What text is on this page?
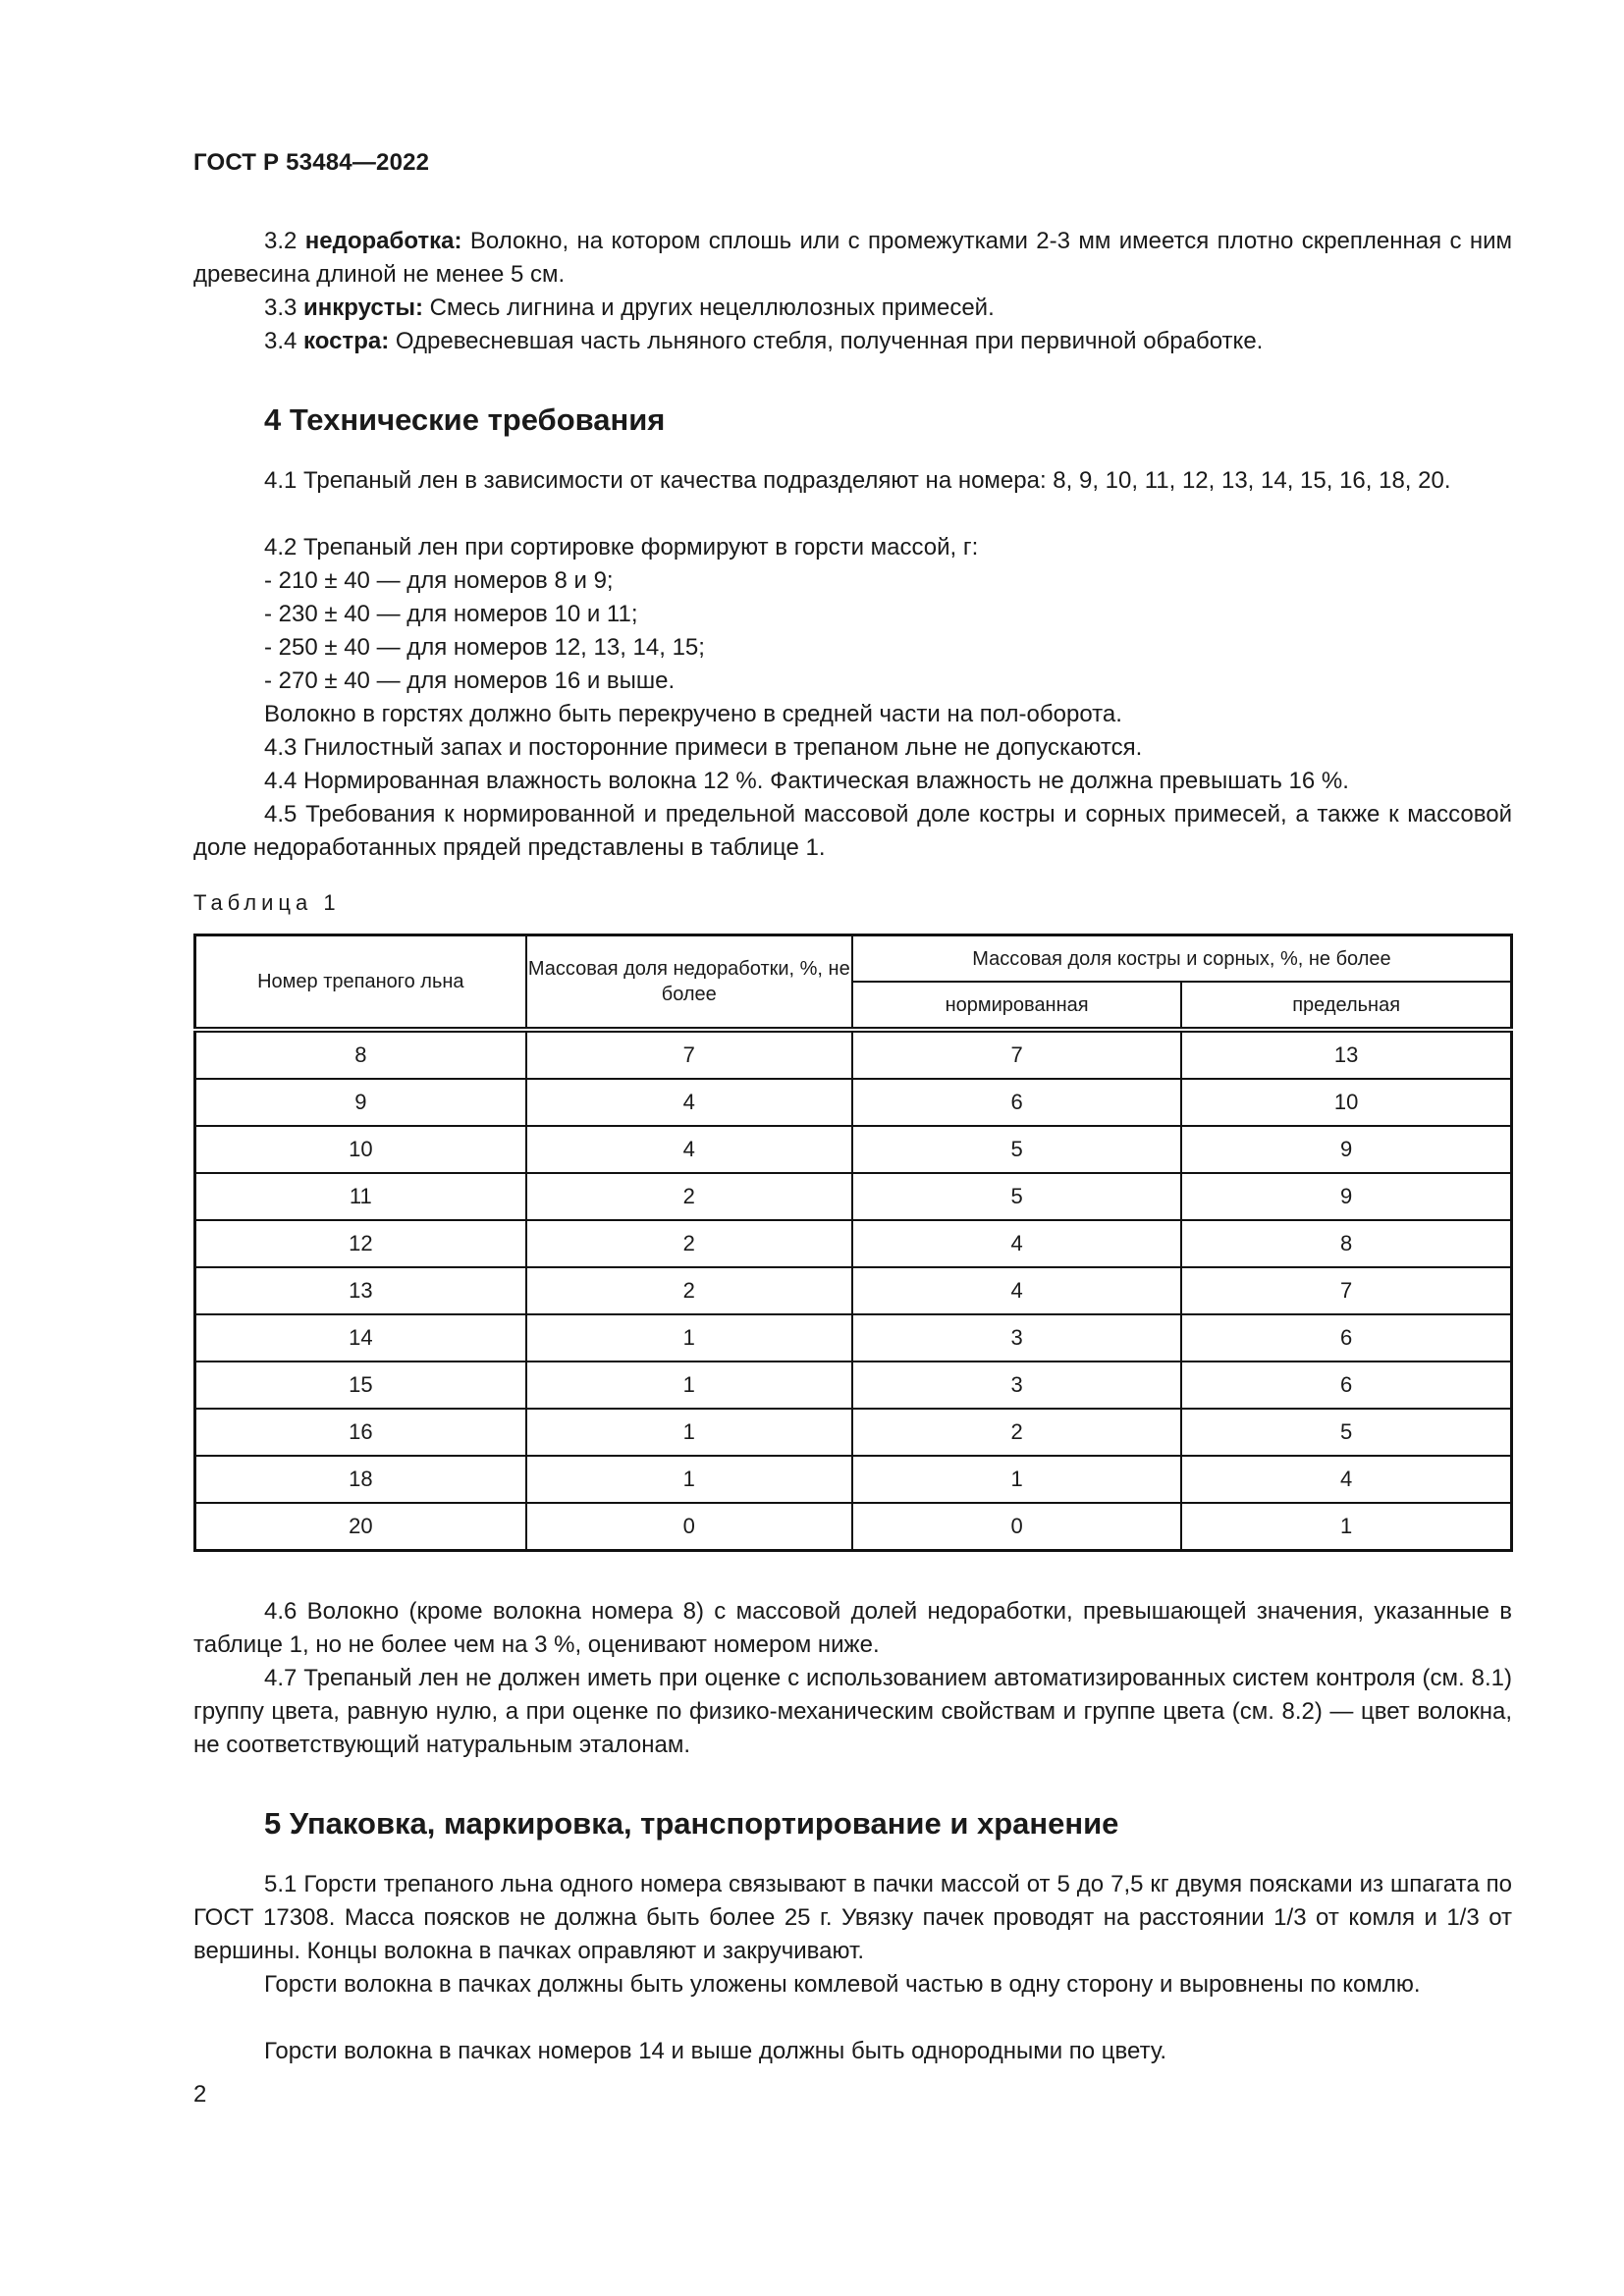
ГОСТ Р 53484—2022
3.2 недоработка: Волокно, на котором сплошь или с промежутками 2-3 мм имеется плотно скрепленная с ним древесина длиной не менее 5 см.
3.3 инкрусты: Смесь лигнина и других нецеллюлозных примесей.
3.4 костра: Одревесневшая часть льняного стебля, полученная при первичной обработке.
4 Технические требования
4.1 Трепаный лен в зависимости от качества подразделяют на номера: 8, 9, 10, 11, 12, 13, 14, 15, 16, 18, 20.
4.2 Трепаный лен при сортировке формируют в горсти массой, г:
- 210 ± 40 — для номеров 8 и 9;
- 230 ± 40 — для номеров 10 и 11;
- 250 ± 40 — для номеров 12, 13, 14, 15;
- 270 ± 40 — для номеров 16 и выше.
Волокно в горстях должно быть перекручено в средней части на пол-оборота.
4.3 Гнилостный запах и посторонние примеси в трепаном льне не допускаются.
4.4 Нормированная влажность волокна 12 %. Фактическая влажность не должна превышать 16 %.
4.5 Требования к нормированной и предельной массовой доле костры и сорных примесей, а также к массовой доле недоработанных прядей представлены в таблице 1.
Таблица 1
Номер трепаного льна	Массовая доля недоработки, %, не более	Массовая доля костры и сорных, %, не более	
		нормированная	предельная
8	7	7	13
9	4	6	10
10	4	5	9
11	2	5	9
12	2	4	8
13	2	4	7
14	1	3	6
15	1	3	6
16	1	2	5
18	1	1	4
20	0	0	1
4.6 Волокно (кроме волокна номера 8) с массовой долей недоработки, превышающей значения, указанные в таблице 1, но не более чем на 3 %, оценивают номером ниже.
4.7 Трепаный лен не должен иметь при оценке с использованием автоматизированных систем контроля (см. 8.1) группу цвета, равную нулю, а при оценке по физико-механическим свойствам и группе цвета (см. 8.2) — цвет волокна, не соответствующий натуральным эталонам.
5 Упаковка, маркировка, транспортирование и хранение
5.1 Горсти трепаного льна одного номера связывают в пачки массой от 5 до 7,5 кг двумя поясками из шпагата по ГОСТ 17308. Масса поясков не должна быть более 25 г. Увязку пачек проводят на расстоянии 1/3 от комля и 1/3 от вершины. Концы волокна в пачках оправляют и закручивают.
Горсти волокна в пачках должны быть уложены комлевой частью в одну сторону и выровнены по комлю.
Горсти волокна в пачках номеров 14 и выше должны быть однородными по цвету.
2
